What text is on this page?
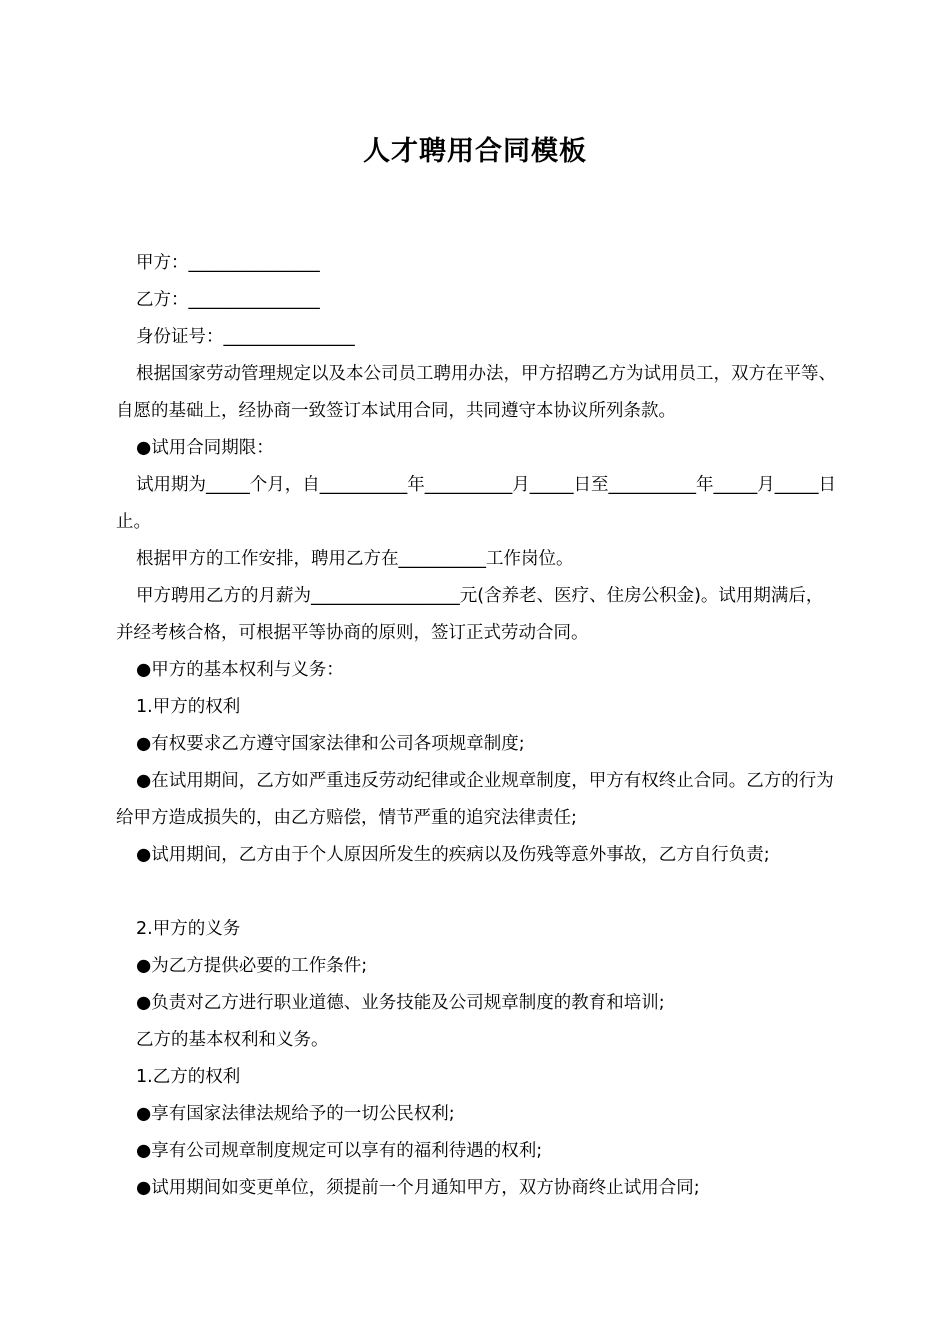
人才聘用合同模板

甲方：_______________

乙方：_______________

身份证号：_______________

根据国家劳动管理规定以及本公司员工聘用办法，甲方招聘乙方为试用员工，双方在平等、自愿的基础上，经协商一致签订本试用合同，共同遵守本协议所列条款。

●试用合同期限：

试用期为_____个月，自__________年__________月_____日至__________年_____月_____日止。

根据甲方的工作安排，聘用乙方在__________工作岗位。

甲方聘用乙方的月薪为_________________元(含养老、医疗、住房公积金)。试用期满后，并经考核合格，可根据平等协商的原则，签订正式劳动合同。

●甲方的基本权利与义务：

1.甲方的权利

●有权要求乙方遵守国家法律和公司各项规章制度;

●在试用期间，乙方如严重违反劳动纪律或企业规章制度，甲方有权终止合同。乙方的行为给甲方造成损失的，由乙方赔偿，情节严重的追究法律责任;

●试用期间，乙方由于个人原因所发生的疾病以及伤残等意外事故，乙方自行负责;

2.甲方的义务

●为乙方提供必要的工作条件;

●负责对乙方进行职业道德、业务技能及公司规章制度的教育和培训;

乙方的基本权利和义务。

1.乙方的权利

●享有国家法律法规给予的一切公民权利;

●享有公司规章制度规定可以享有的福利待遇的权利;

●试用期间如变更单位，须提前一个月通知甲方，双方协商终止试用合同;
